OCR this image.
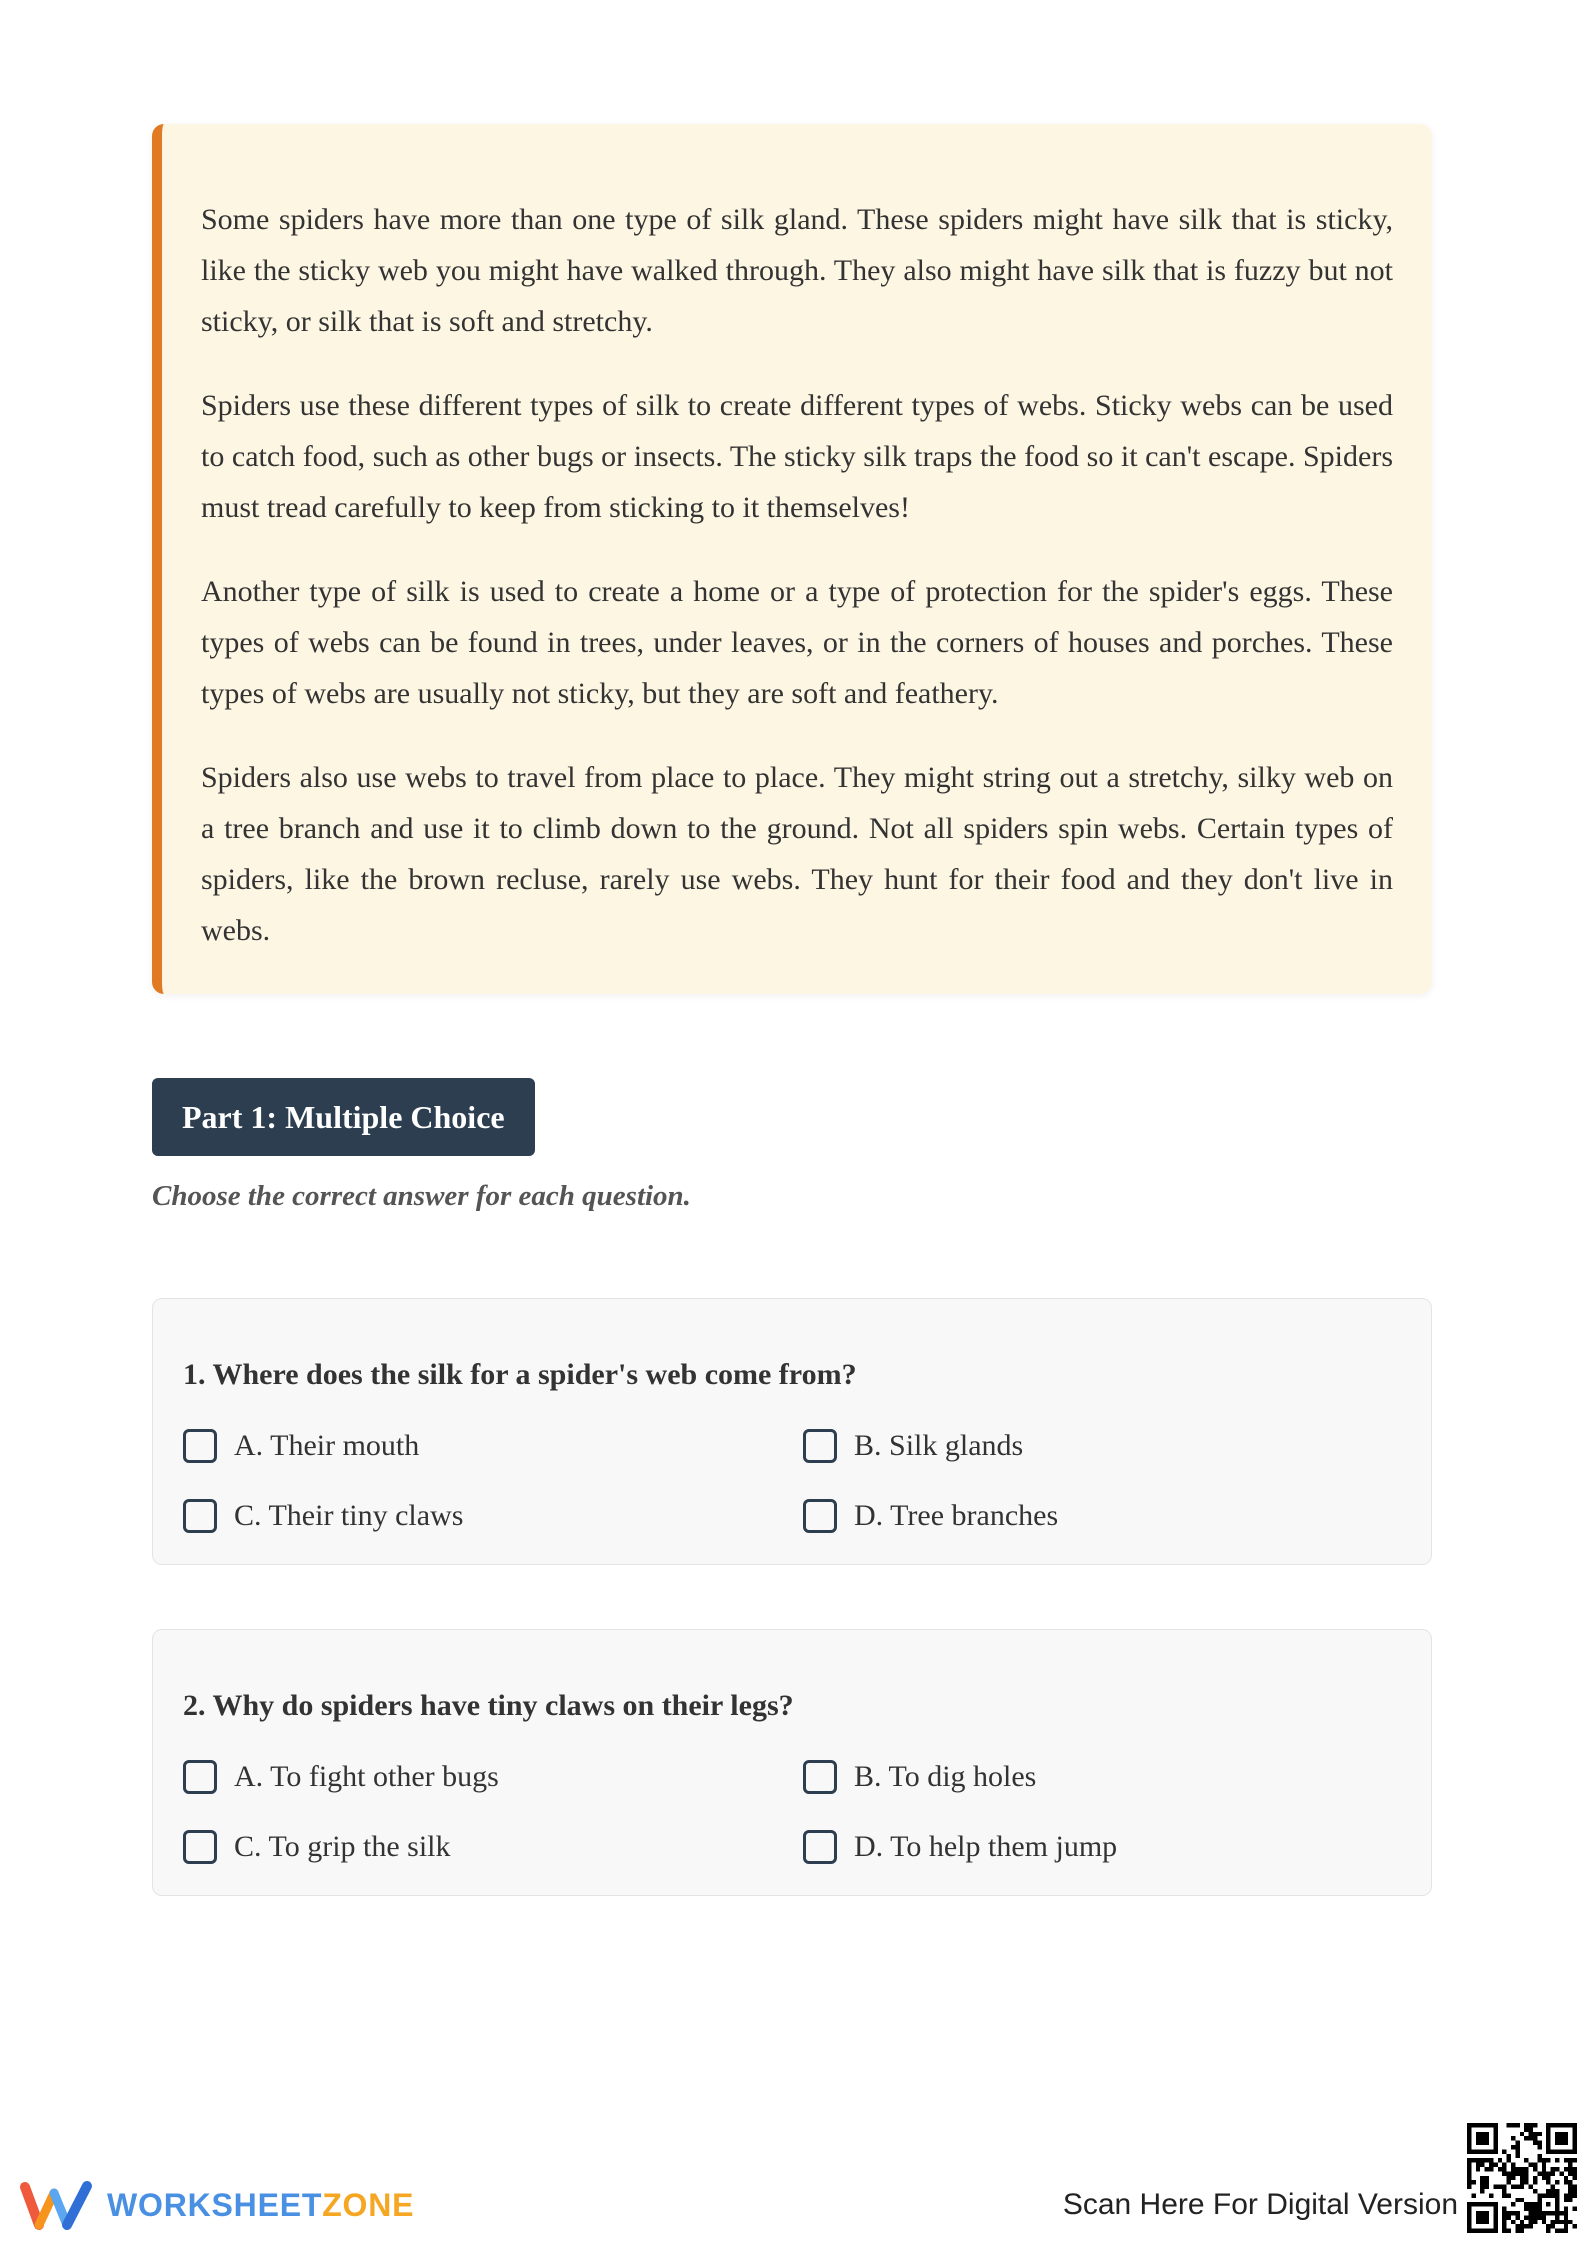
Some spiders have more than one type of silk gland. These spiders might have silk that is sticky, like the sticky web you might have walked through. They also might have silk that is fuzzy but not sticky, or silk that is soft and stretchy.

Spiders use these different types of silk to create different types of webs. Sticky webs can be used to catch food, such as other bugs or insects. The sticky silk traps the food so it can't escape. Spiders must tread carefully to keep from sticking to it themselves!

Another type of silk is used to create a home or a type of protection for the spider's eggs. These types of webs can be found in trees, under leaves, or in the corners of houses and porches. These types of webs are usually not sticky, but they are soft and feathery.

Spiders also use webs to travel from place to place. They might string out a stretchy, silky web on a tree branch and use it to climb down to the ground. Not all spiders spin webs. Certain types of spiders, like the brown recluse, rarely use webs. They hunt for their food and they don't live in webs.

Part 1: Multiple Choice
Choose the correct answer for each question.
1. Where does the silk for a spider's web come from?
A. Their mouth	B. Silk glands
C. Their tiny claws	D. Tree branches
2. Why do spiders have tiny claws on their legs?
A. To fight other bugs	B. To dig holes
C. To grip the silk	D. To help them jump
WORKSHEETZONE	Scan Here For Digital Version
